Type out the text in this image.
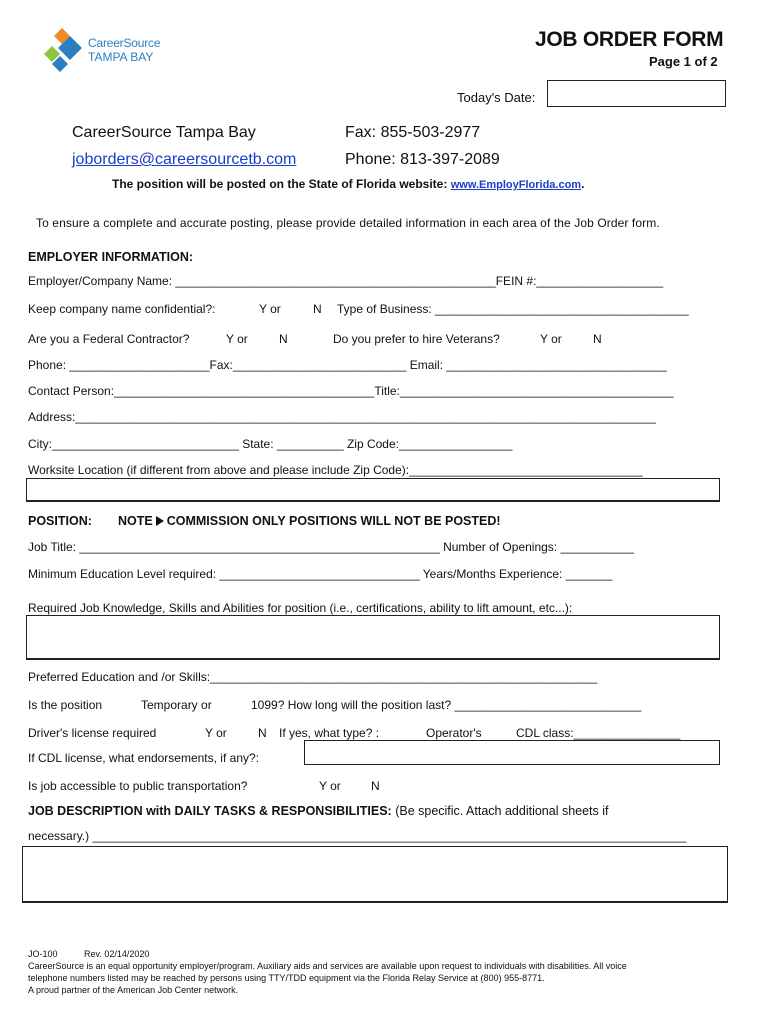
CareerSource
TAMPA BAY
JOB ORDER FORM
Page 1 of 2
Today's Date:
CareerSource Tampa Bay	Fax: 855-503-2977
joborders@careersourcetb.com	Phone: 813-397-2089
The position will be posted on the State of Florida website: www.EmployFlorida.com.
To ensure a complete and accurate posting, please provide detailed information in each area of the Job Order form.
EMPLOYER INFORMATION:
Employer/Company Name: ________________________________________________FEIN #:___________________
Keep company name confidential?:	Y or	N Type of Business: ______________________________________
Are you a Federal Contractor?	Y or	N	Do you prefer to hire Veterans?	Y or	N
Phone: _____________________Fax:__________________________ Email: _________________________________
Contact Person:_______________________________________Title:_________________________________________
Address:_______________________________________________________________________________________
City:____________________________ State: __________ Zip Code:_________________
Worksite Location (if different from above and please include Zip Code):___________________________________
POSITION: NOTE COMMISSION ONLY POSITIONS WILL NOT BE POSTED!
Job Title: ______________________________________________________ Number of Openings: ___________
Minimum Education Level required: ______________________________ Years/Months Experience: _______
Required Job Knowledge, Skills and Abilities for position (i.e., certifications, ability to lift amount, etc...):
Preferred Education and /or Skills:__________________________________________________________
Is the position	Temporary or	1099? How long will the position last? ____________________________
Driver's license required	Y or	N If yes, what type? :	Operator's	CDL class:________________
If CDL license, what endorsements, if any?:
Is job accessible to public transportation?	Y or	N
JOB DESCRIPTION with DAILY TASKS & RESPONSIBILITIES: (Be specific. Attach additional sheets if
necessary.) _________________________________________________________________________________________
JO-100	Rev. 02/14/2020
CareerSource is an equal opportunity employer/program. Auxiliary aids and services are available upon request to individuals with disabilities. All voice
telephone numbers listed may be reached by persons using TTY/TDD equipment via the Florida Relay Service at (800) 955-8771.
A proud partner of the American Job Center network.
